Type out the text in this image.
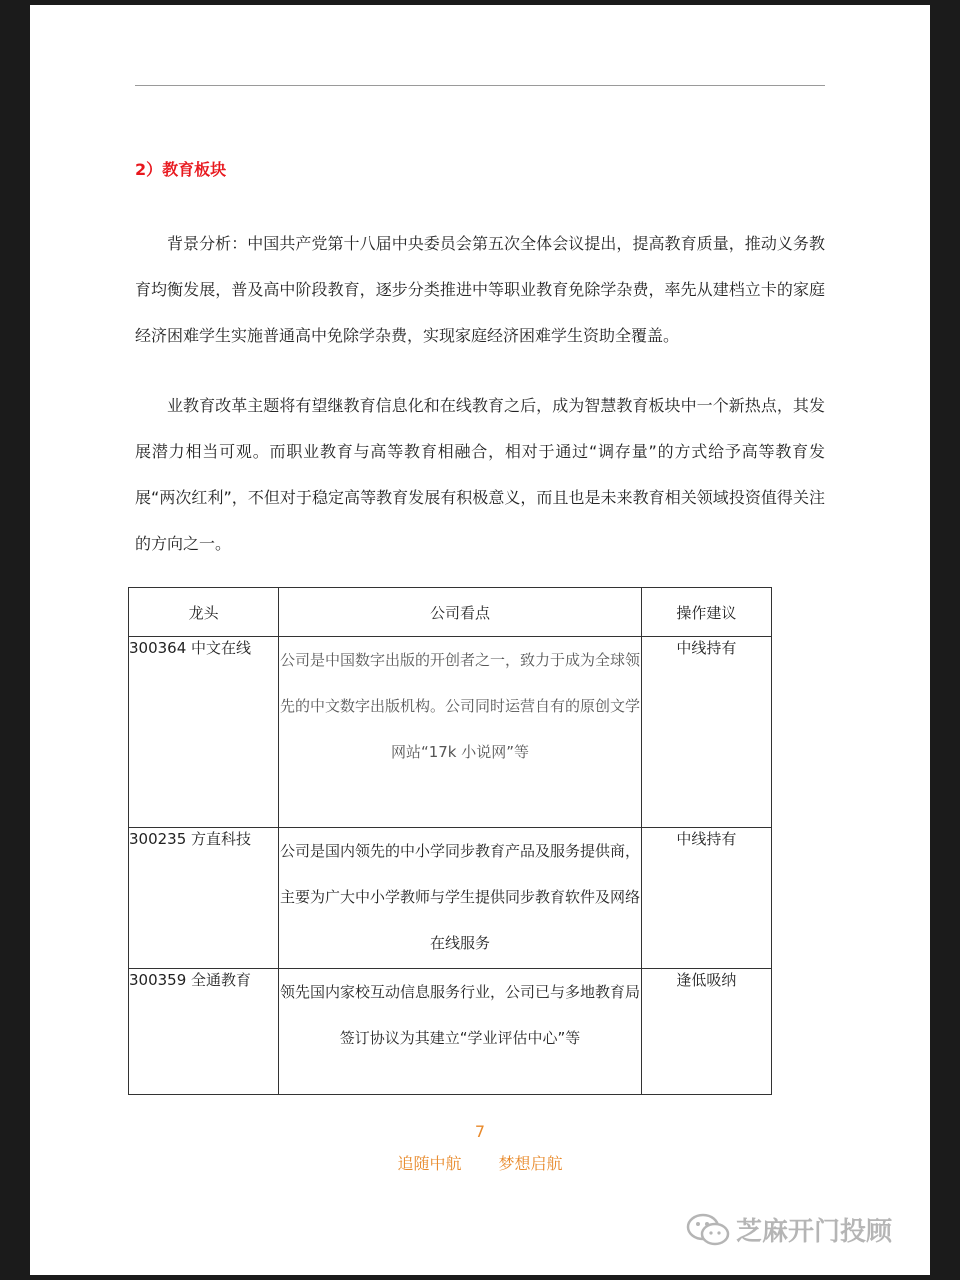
2）教育板块

背景分析：中国共产党第十八届中央委员会第五次全体会议提出，提高教育质量，推动义务教育均衡发展，普及高中阶段教育，逐步分类推进中等职业教育免除学杂费，率先从建档立卡的家庭经济困难学生实施普通高中免除学杂费，实现家庭经济困难学生资助全覆盖。

业教育改革主题将有望继教育信息化和在线教育之后，成为智慧教育板块中一个新热点，其发展潜力相当可观。而职业教育与高等教育相融合，相对于通过“调存量”的方式给予高等教育发展“两次红利”，不但对于稳定高等教育发展有积极意义，而且也是未来教育相关领域投资值得关注的方向之一。

龙头	公司看点	操作建议
300364 中文在线	公司是中国数字出版的开创者之一，致力于成为全球领先的中文数字出版机构。公司同时运营自有的原创文学网站“17k 小说网”等	中线持有
300235 方直科技	公司是国内领先的中小学同步教育产品及服务提供商，主要为广大中小学教师与学生提供同步教育软件及网络在线服务	中线持有
300359 全通教育	领先国内家校互动信息服务行业，公司已与多地教育局签订协议为其建立“学业评估中心”等	逢低吸纳
7
追随中航 梦想启航
芝麻开门投顾
